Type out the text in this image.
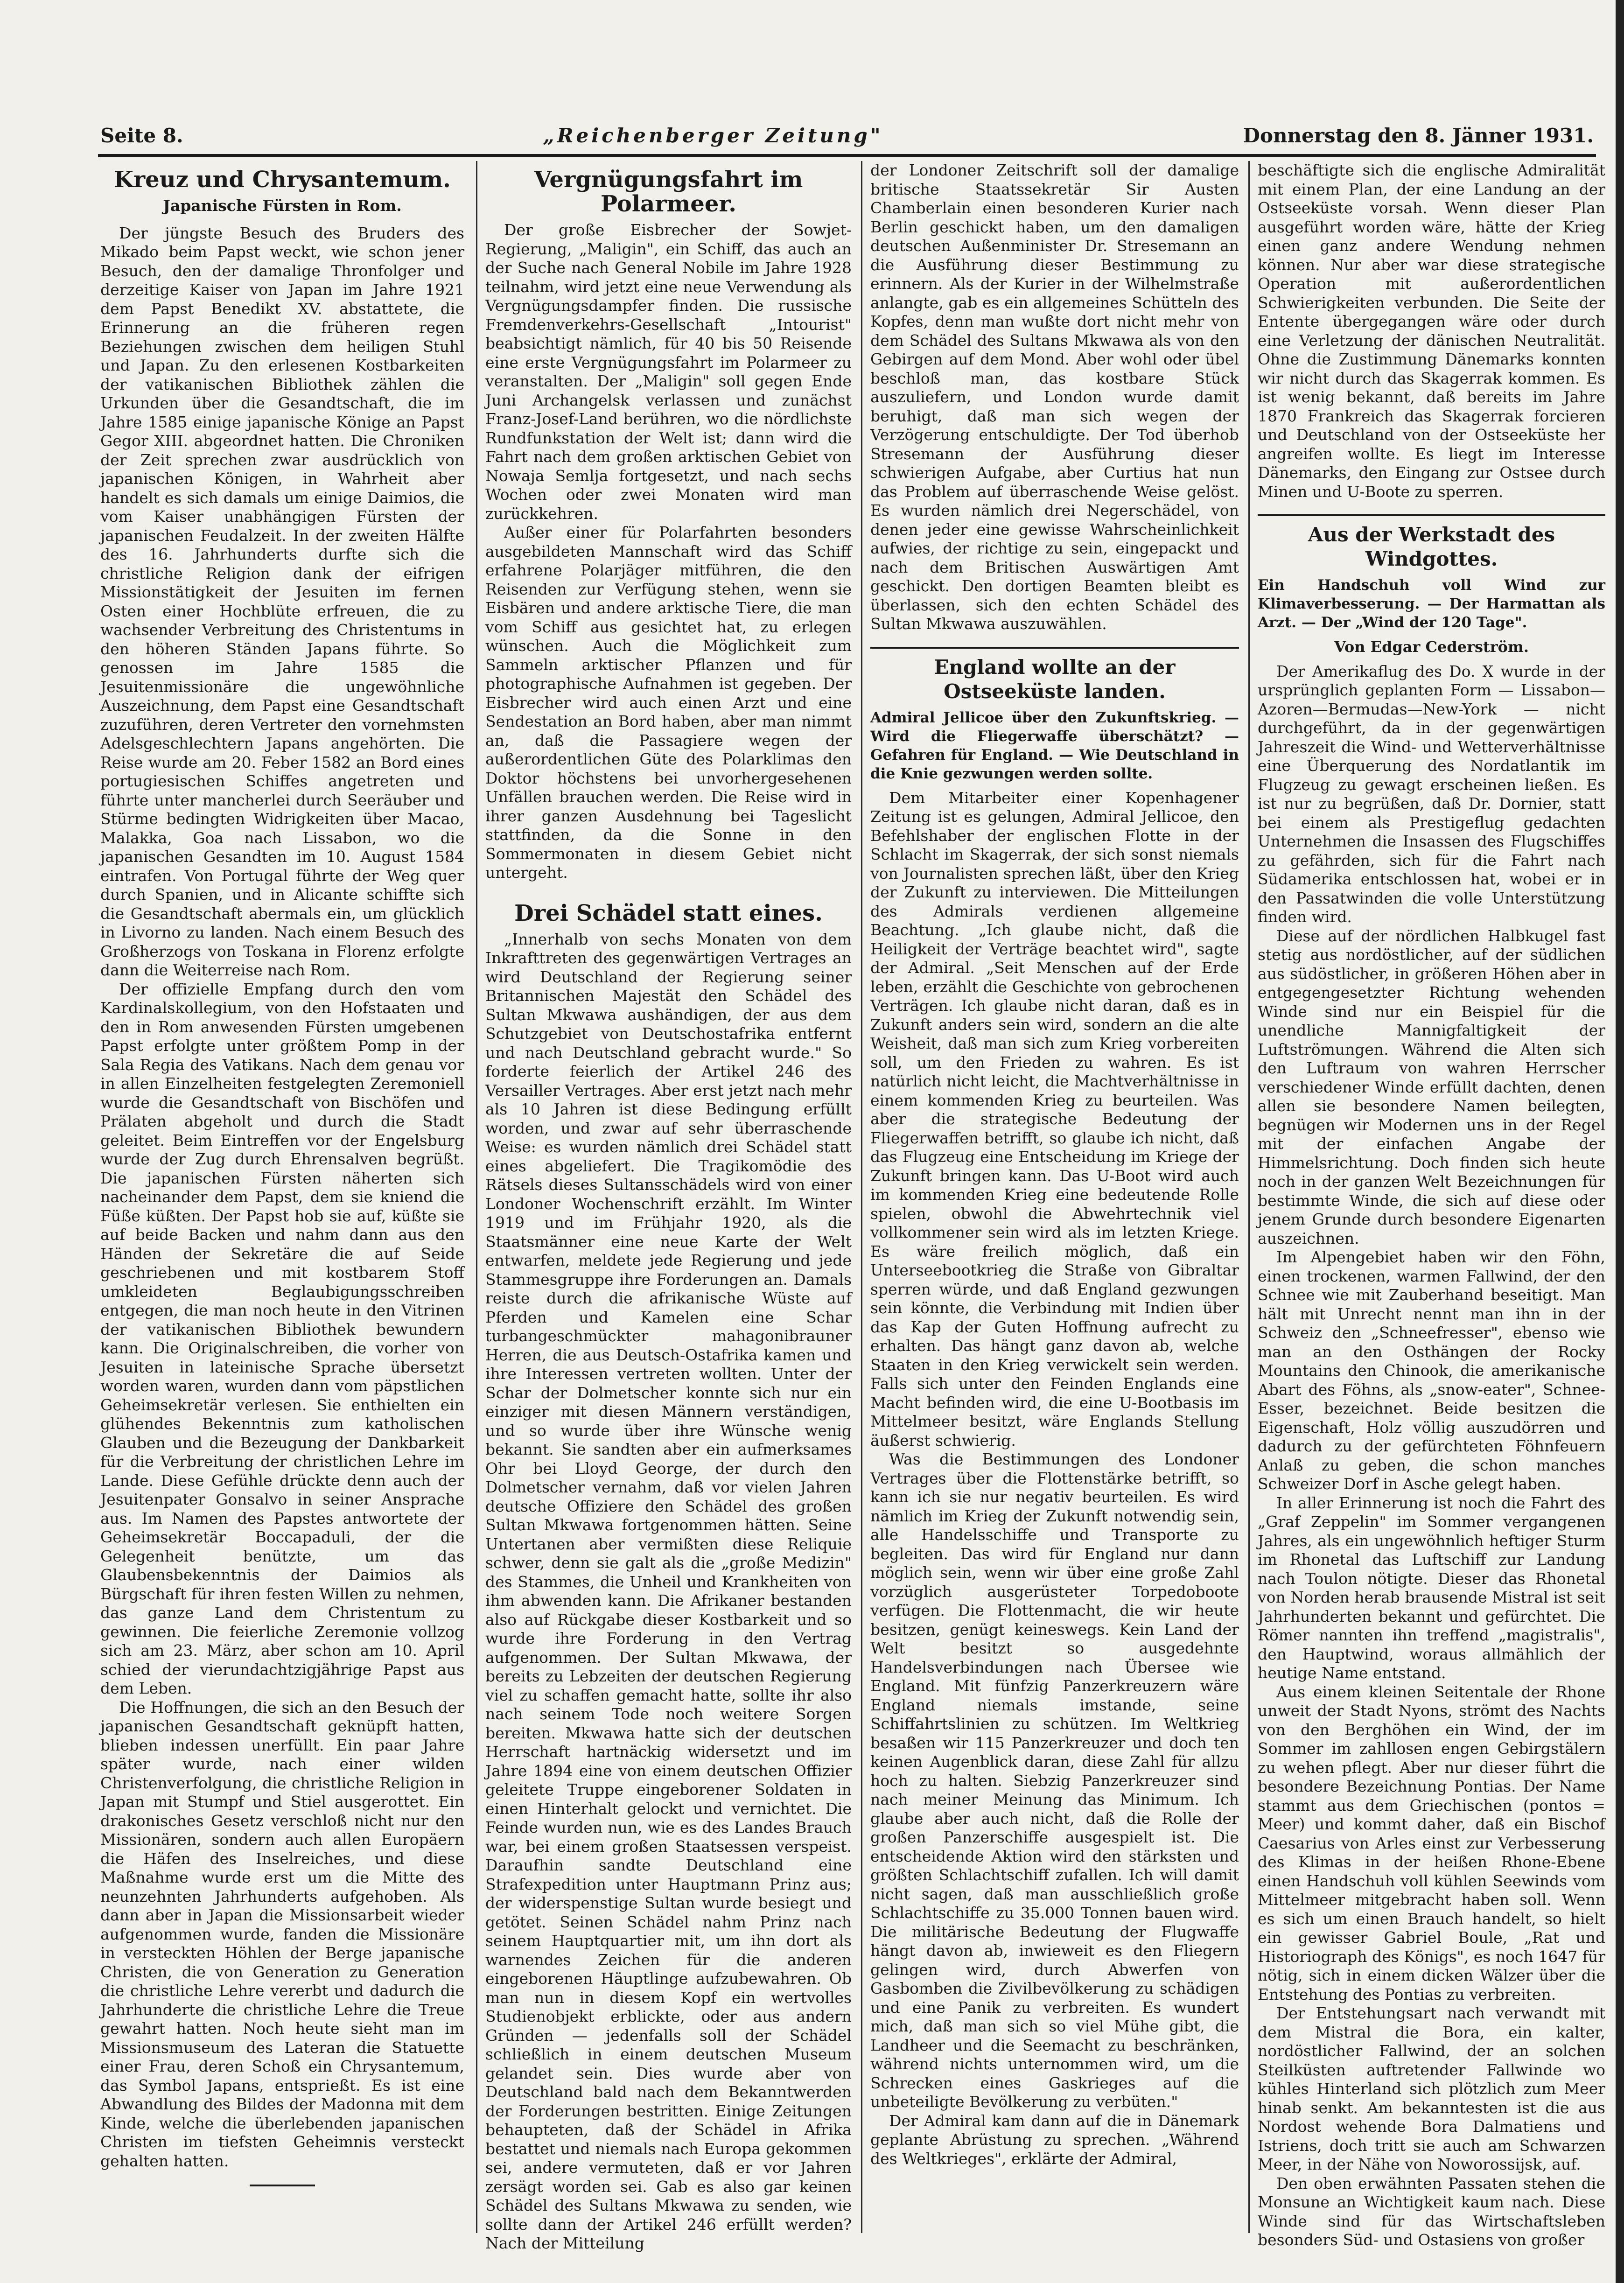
Seite 8.	„Reichenberger Zeitung"	Donnerstag den 8. Jänner 1931.
Kreuz und Chrysantemum.
Japanische Fürsten in Rom.

Der jüngste Besuch des Bruders des Mikado beim Papst weckt, wie schon jener Besuch, den der damalige Thronfolger und derzeitige Kaiser von Japan im Jahre 1921 dem Papst Benedikt XV. abstattete, die Erinnerung an die früheren regen Beziehungen zwischen dem heiligen Stuhl und Japan. Zu den erlesenen Kostbarkeiten der vatikanischen Bibliothek zählen die Urkunden über die Gesandtschaft, die im Jahre 1585 einige japanische Könige an Papst Gegor XIII. abgeordnet hatten. Die Chroniken der Zeit sprechen zwar ausdrücklich von japanischen Königen, in Wahrheit aber handelt es sich damals um einige Daimios, die vom Kaiser unabhängigen Fürsten der japanischen Feudalzeit. In der zweiten Hälfte des 16. Jahrhunderts durfte sich die christliche Religion dank der eifrigen Missionstätigkeit der Jesuiten im fernen Osten einer Hochblüte erfreuen, die zu wachsender Verbreitung des Christentums in den höheren Ständen Japans führte. So genossen im Jahre 1585 die Jesuitenmissionäre die ungewöhnliche Auszeichnung, dem Papst eine Gesandtschaft zuzuführen, deren Vertreter den vornehmsten Adelsgeschlechtern Japans angehörten. Die Reise wurde am 20. Feber 1582 an Bord eines portugiesischen Schiffes angetreten und führte unter mancherlei durch Seeräuber und Stürme bedingten Widrigkeiten über Macao, Malakka, Goa nach Lissabon, wo die japanischen Gesandten im 10. August 1584 eintrafen. Von Portugal führte der Weg quer durch Spanien, und in Alicante schiffte sich die Gesandtschaft abermals ein, um glücklich in Livorno zu landen. Nach einem Besuch des Großherzogs von Toskana in Florenz erfolgte dann die Weiterreise nach Rom.

Der offizielle Empfang durch den vom Kardinalskollegium, von den Hofstaaten und den in Rom anwesenden Fürsten umgebenen Papst erfolgte unter größtem Pomp in der Sala Regia des Vatikans. Nach dem genau vor in allen Einzelheiten festgelegten Zeremoniell wurde die Gesandtschaft von Bischöfen und Prälaten abgeholt und durch die Stadt geleitet. Beim Eintreffen vor der Engelsburg wurde der Zug durch Ehrensalven begrüßt. Die japanischen Fürsten näherten sich nacheinander dem Papst, dem sie kniend die Füße küßten. Der Papst hob sie auf, küßte sie auf beide Backen und nahm dann aus den Händen der Sekretäre die auf Seide geschriebenen und mit kostbarem Stoff umkleideten Beglaubigungsschreiben entgegen, die man noch heute in den Vitrinen der vatikanischen Bibliothek bewundern kann. Die Originalschreiben, die vorher von Jesuiten in lateinische Sprache übersetzt worden waren, wurden dann vom päpstlichen Geheimsekretär verlesen. Sie enthielten ein glühendes Bekenntnis zum katholischen Glauben und die Bezeugung der Dankbarkeit für die Verbreitung der christlichen Lehre im Lande. Diese Gefühle drückte denn auch der Jesuitenpater Gonsalvo in seiner Ansprache aus. Im Namen des Papstes antwortete der Geheimsekretär Boccapaduli, der die Gelegenheit benützte, um das Glaubensbekenntnis der Daimios als Bürgschaft für ihren festen Willen zu nehmen, das ganze Land dem Christentum zu gewinnen. Die feierliche Zeremonie vollzog sich am 23. März, aber schon am 10. April schied der vierundachtzigjährige Papst aus dem Leben.

Die Hoffnungen, die sich an den Besuch der japanischen Gesandtschaft geknüpft hatten, blieben indessen unerfüllt. Ein paar Jahre später wurde, nach einer wilden Christenverfolgung, die christliche Religion in Japan mit Stumpf und Stiel ausgerottet. Ein drakonisches Gesetz verschloß nicht nur den Missionären, sondern auch allen Europäern die Häfen des Inselreiches, und diese Maßnahme wurde erst um die Mitte des neunzehnten Jahrhunderts aufgehoben. Als dann aber in Japan die Missionsarbeit wieder aufgenommen wurde, fanden die Missionäre in versteckten Höhlen der Berge japanische Christen, die von Generation zu Generation die christliche Lehre vererbt und dadurch die Jahrhunderte die christliche Lehre die Treue gewahrt hatten. Noch heute sieht man im Missionsmuseum des Lateran die Statuette einer Frau, deren Schoß ein Chrysantemum, das Symbol Japans, entsprießt. Es ist eine Abwandlung des Bildes der Madonna mit dem Kinde, welche die überlebenden japanischen Christen im tiefsten Geheimnis versteckt gehalten hatten.

Vergnügungsfahrt im Polarmeer.

Der große Eisbrecher der Sowjet-Regierung, „Maligin", ein Schiff, das auch an der Suche nach General Nobile im Jahre 1928 teilnahm, wird jetzt eine neue Verwendung als Vergnügungsdampfer finden. Die russische Fremdenverkehrs-Gesellschaft „Intourist" beabsichtigt nämlich, für 40 bis 50 Reisende eine erste Vergnügungsfahrt im Polarmeer zu veranstalten. Der „Maligin" soll gegen Ende Juni Archangelsk verlassen und zunächst Franz-Josef-Land berühren, wo die nördlichste Rundfunkstation der Welt ist; dann wird die Fahrt nach dem großen arktischen Gebiet von Nowaja Semlja fortgesetzt, und nach sechs Wochen oder zwei Monaten wird man zurückkehren.

Außer einer für Polarfahrten besonders ausgebildeten Mannschaft wird das Schiff erfahrene Polarjäger mitführen, die den Reisenden zur Verfügung stehen, wenn sie Eisbären und andere arktische Tiere, die man vom Schiff aus gesichtet hat, zu erlegen wünschen. Auch die Möglichkeit zum Sammeln arktischer Pflanzen und für photographische Aufnahmen ist gegeben. Der Eisbrecher wird auch einen Arzt und eine Sendestation an Bord haben, aber man nimmt an, daß die Passagiere wegen der außerordentlichen Güte des Polarklimas den Doktor höchstens bei unvorhergesehenen Unfällen brauchen werden. Die Reise wird in ihrer ganzen Ausdehnung bei Tageslicht stattfinden, da die Sonne in den Sommermonaten in diesem Gebiet nicht untergeht.

Drei Schädel statt eines.

„Innerhalb von sechs Monaten von dem Inkrafttreten des gegenwärtigen Vertrages an wird Deutschland der Regierung seiner Britannischen Majestät den Schädel des Sultan Mkwawa aushändigen, der aus dem Schutzgebiet von Deutschostafrika entfernt und nach Deutschland gebracht wurde." So forderte feierlich der Artikel 246 des Versailler Vertrages. Aber erst jetzt nach mehr als 10 Jahren ist diese Bedingung erfüllt worden, und zwar auf sehr überraschende Weise: es wurden nämlich drei Schädel statt eines abgeliefert. Die Tragikomödie des Rätsels dieses Sultansschädels wird von einer Londoner Wochenschrift erzählt. Im Winter 1919 und im Frühjahr 1920, als die Staatsmänner eine neue Karte der Welt entwarfen, meldete jede Regierung und jede Stammesgruppe ihre Forderungen an. Damals reiste durch die afrikanische Wüste auf Pferden und Kamelen eine Schar turbangeschmückter mahagonibrauner Herren, die aus Deutsch-Ostafrika kamen und ihre Interessen vertreten wollten. Unter der Schar der Dolmetscher konnte sich nur ein einziger mit diesen Männern verständigen, und so wurde über ihre Wünsche wenig bekannt. Sie sandten aber ein aufmerksames Ohr bei Lloyd George, der durch den Dolmetscher vernahm, daß vor vielen Jahren deutsche Offiziere den Schädel des großen Sultan Mkwawa fortgenommen hätten. Seine Untertanen aber vermißten diese Reliquie schwer, denn sie galt als die „große Medizin" des Stammes, die Unheil und Krankheiten von ihm abwenden kann. Die Afrikaner bestanden also auf Rückgabe dieser Kostbarkeit und so wurde ihre Forderung in den Vertrag aufgenommen. Der Sultan Mkwawa, der bereits zu Lebzeiten der deutschen Regierung viel zu schaffen gemacht hatte, sollte ihr also nach seinem Tode noch weitere Sorgen bereiten. Mkwawa hatte sich der deutschen Herrschaft hartnäckig widersetzt und im Jahre 1894 eine von einem deutschen Offizier geleitete Truppe eingeborener Soldaten in einen Hinterhalt gelockt und vernichtet. Die Feinde wurden nun, wie es des Landes Brauch war, bei einem großen Staatsessen verspeist. Daraufhin sandte Deutschland eine Strafexpedition unter Hauptmann Prinz aus; der widerspenstige Sultan wurde besiegt und getötet. Seinen Schädel nahm Prinz nach seinem Hauptquartier mit, um ihn dort als warnendes Zeichen für die anderen eingeborenen Häuptlinge aufzubewahren. Ob man nun in diesem Kopf ein wertvolles Studienobjekt erblickte, oder aus andern Gründen — jedenfalls soll der Schädel schließlich in einem deutschen Museum gelandet sein. Dies wurde aber von Deutschland bald nach dem Bekanntwerden der Forderungen bestritten. Einige Zeitungen behaupteten, daß der Schädel in Afrika bestattet und niemals nach Europa gekommen sei, andere vermuteten, daß er vor Jahren zersägt worden sei. Gab es also gar keinen Schädel des Sultans Mkwawa zu senden, wie sollte dann der Artikel 246 erfüllt werden? Nach der Mitteilung

der Londoner Zeitschrift soll der damalige britische Staatssekretär Sir Austen Chamberlain einen besonderen Kurier nach Berlin geschickt haben, um den damaligen deutschen Außenminister Dr. Stresemann an die Ausführung dieser Bestimmung zu erinnern. Als der Kurier in der Wilhelmstraße anlangte, gab es ein allgemeines Schütteln des Kopfes, denn man wußte dort nicht mehr von dem Schädel des Sultans Mkwawa als von den Gebirgen auf dem Mond. Aber wohl oder übel beschloß man, das kostbare Stück auszuliefern, und London wurde damit beruhigt, daß man sich wegen der Verzögerung entschuldigte. Der Tod überhob Stresemann der Ausführung dieser schwierigen Aufgabe, aber Curtius hat nun das Problem auf überraschende Weise gelöst. Es wurden nämlich drei Negerschädel, von denen jeder eine gewisse Wahrscheinlichkeit aufwies, der richtige zu sein, eingepackt und nach dem Britischen Auswärtigen Amt geschickt. Den dortigen Beamten bleibt es überlassen, sich den echten Schädel des Sultan Mkwawa auszuwählen.

England wollte an der Ostseeküste landen.
Admiral Jellicoe über den Zukunftskrieg. — Wird die Fliegerwaffe überschätzt? — Gefahren für England. — Wie Deutschland in die Knie gezwungen werden sollte.

Dem Mitarbeiter einer Kopenhagener Zeitung ist es gelungen, Admiral Jellicoe, den Befehlshaber der englischen Flotte in der Schlacht im Skagerrak, der sich sonst niemals von Journalisten sprechen läßt, über den Krieg der Zukunft zu interviewen. Die Mitteilungen des Admirals verdienen allgemeine Beachtung. „Ich glaube nicht, daß die Heiligkeit der Verträge beachtet wird", sagte der Admiral. „Seit Menschen auf der Erde leben, erzählt die Geschichte von gebrochenen Verträgen. Ich glaube nicht daran, daß es in Zukunft anders sein wird, sondern an die alte Weisheit, daß man sich zum Krieg vorbereiten soll, um den Frieden zu wahren. Es ist natürlich nicht leicht, die Machtverhältnisse in einem kommenden Krieg zu beurteilen. Was aber die strategische Bedeutung der Fliegerwaffen betrifft, so glaube ich nicht, daß das Flugzeug eine Entscheidung im Kriege der Zukunft bringen kann. Das U-Boot wird auch im kommenden Krieg eine bedeutende Rolle spielen, obwohl die Abwehrtechnik viel vollkommener sein wird als im letzten Kriege. Es wäre freilich möglich, daß ein Unterseebootkrieg die Straße von Gibraltar sperren würde, und daß England gezwungen sein könnte, die Verbindung mit Indien über das Kap der Guten Hoffnung aufrecht zu erhalten. Das hängt ganz davon ab, welche Staaten in den Krieg verwickelt sein werden. Falls sich unter den Feinden Englands eine Macht befinden wird, die eine U-Bootbasis im Mittelmeer besitzt, wäre Englands Stellung äußerst schwierig.

Was die Bestimmungen des Londoner Vertrages über die Flottenstärke betrifft, so kann ich sie nur negativ beurteilen. Es wird nämlich im Krieg der Zukunft notwendig sein, alle Handelsschiffe und Transporte zu begleiten. Das wird für England nur dann möglich sein, wenn wir über eine große Zahl vorzüglich ausgerüsteter Torpedoboote verfügen. Die Flottenmacht, die wir heute besitzen, genügt keineswegs. Kein Land der Welt besitzt so ausgedehnte Handelsverbindungen nach Übersee wie England. Mit fünfzig Panzerkreuzern wäre England niemals imstande, seine Schiffahrtslinien zu schützen. Im Weltkrieg besaßen wir 115 Panzerkreuzer und doch ten keinen Augenblick daran, diese Zahl für allzu hoch zu halten. Siebzig Panzerkreuzer sind nach meiner Meinung das Minimum. Ich glaube aber auch nicht, daß die Rolle der großen Panzerschiffe ausgespielt ist. Die entscheidende Aktion wird den stärksten und größten Schlachtschiff zufallen. Ich will damit nicht sagen, daß man ausschließlich große Schlachtschiffe zu 35.000 Tonnen bauen wird. Die militärische Bedeutung der Flugwaffe hängt davon ab, inwieweit es den Fliegern gelingen wird, durch Abwerfen von Gasbomben die Zivilbevölkerung zu schädigen und eine Panik zu verbreiten. Es wundert mich, daß man sich so viel Mühe gibt, die Landheer und die Seemacht zu beschränken, während nichts unternommen wird, um die Schrecken eines Gaskrieges auf die unbeteiligte Bevölkerung zu verbüten."

Der Admiral kam dann auf die in Dänemark geplante Abrüstung zu sprechen. „Während des Weltkrieges", erklärte der Admiral,

beschäftigte sich die englische Admiralität mit einem Plan, der eine Landung an der Ostseeküste vorsah. Wenn dieser Plan ausgeführt worden wäre, hätte der Krieg einen ganz andere Wendung nehmen können. Nur aber war diese strategische Operation mit außerordentlichen Schwierigkeiten verbunden. Die Seite der Entente übergegangen wäre oder durch eine Verletzung der dänischen Neutralität. Ohne die Zustimmung Dänemarks konnten wir nicht durch das Skagerrak kommen. Es ist wenig bekannt, daß bereits im Jahre 1870 Frankreich das Skagerrak forcieren und Deutschland von der Ostseeküste her angreifen wollte. Es liegt im Interesse Dänemarks, den Eingang zur Ostsee durch Minen und U-Boote zu sperren.

Aus der Werkstadt des Windgottes.
Ein Handschuh voll Wind zur Klimaverbesserung. — Der Harmattan als Arzt. — Der „Wind der 120 Tage".
Von Edgar Cederström.

Der Amerikaflug des Do. X wurde in der ursprünglich geplanten Form — Lissabon—Azoren—Bermudas—New-York — nicht durchgeführt, da in der gegenwärtigen Jahreszeit die Wind- und Wetterverhältnisse eine Überquerung des Nordatlantik im Flugzeug zu gewagt erscheinen ließen. Es ist nur zu begrüßen, daß Dr. Dornier, statt bei einem als Prestigeflug gedachten Unternehmen die Insassen des Flugschiffes zu gefährden, sich für die Fahrt nach Südamerika entschlossen hat, wobei er in den Passatwinden die volle Unterstützung finden wird.

Diese auf der nördlichen Halbkugel fast stetig aus nordöstlicher, auf der südlichen aus südöstlicher, in größeren Höhen aber in entgegengesetzter Richtung wehenden Winde sind nur ein Beispiel für die unendliche Mannigfaltigkeit der Luftströmungen. Während die Alten sich den Luftraum von wahren Herrscher verschiedener Winde erfüllt dachten, denen allen sie besondere Namen beilegten, begnügen wir Modernen uns in der Regel mit der einfachen Angabe der Himmelsrichtung. Doch finden sich heute noch in der ganzen Welt Bezeichnungen für bestimmte Winde, die sich auf diese oder jenem Grunde durch besondere Eigenarten auszeichnen.

Im Alpengebiet haben wir den Föhn, einen trockenen, warmen Fallwind, der den Schnee wie mit Zauberhand beseitigt. Man hält mit Unrecht nennt man ihn in der Schweiz den „Schneefresser", ebenso wie man an den Osthängen der Rocky Mountains den Chinook, die amerikanische Abart des Föhns, als „snow-eater", Schnee-Esser, bezeichnet. Beide besitzen die Eigenschaft, Holz völlig auszudörren und dadurch zu der gefürchteten Föhnfeuern Anlaß zu geben, die schon manches Schweizer Dorf in Asche gelegt haben.

In aller Erinnerung ist noch die Fahrt des „Graf Zeppelin" im Sommer vergangenen Jahres, als ein ungewöhnlich heftiger Sturm im Rhonetal das Luftschiff zur Landung nach Toulon nötigte. Dieser das Rhonetal von Norden herab brausende Mistral ist seit Jahrhunderten bekannt und gefürchtet. Die Römer nannten ihn treffend „magistralis", den Hauptwind, woraus allmählich der heutige Name entstand.

Aus einem kleinen Seitentale der Rhone unweit der Stadt Nyons, strömt des Nachts von den Berghöhen ein Wind, der im Sommer im zahllosen engen Gebirgstälern zu wehen pflegt. Aber nur dieser führt die besondere Bezeichnung Pontias. Der Name stammt aus dem Griechischen (pontos = Meer) und kommt daher, daß ein Bischof Caesarius von Arles einst zur Verbesserung des Klimas in der heißen Rhone-Ebene einen Handschuh voll kühlen Seewinds vom Mittelmeer mitgebracht haben soll. Wenn es sich um einen Brauch handelt, so hielt ein gewisser Gabriel Boule, „Rat und Historiograph des Königs", es noch 1647 für nötig, sich in einem dicken Wälzer über die Entstehung des Pontias zu verbreiten.

Der Entstehungsart nach verwandt mit dem Mistral die Bora, ein kalter, nordöstlicher Fallwind, der an solchen Steilküsten auftretender Fallwinde wo kühles Hinterland sich plötzlich zum Meer hinab senkt. Am bekanntesten ist die aus Nordost wehende Bora Dalmatiens und Istriens, doch tritt sie auch am Schwarzen Meer, in der Nähe von Noworossijsk, auf.

Den oben erwähnten Passaten stehen die Monsune an Wichtigkeit kaum nach. Diese Winde sind für das Wirtschaftsleben besonders Süd- und Ostasiens von großer
